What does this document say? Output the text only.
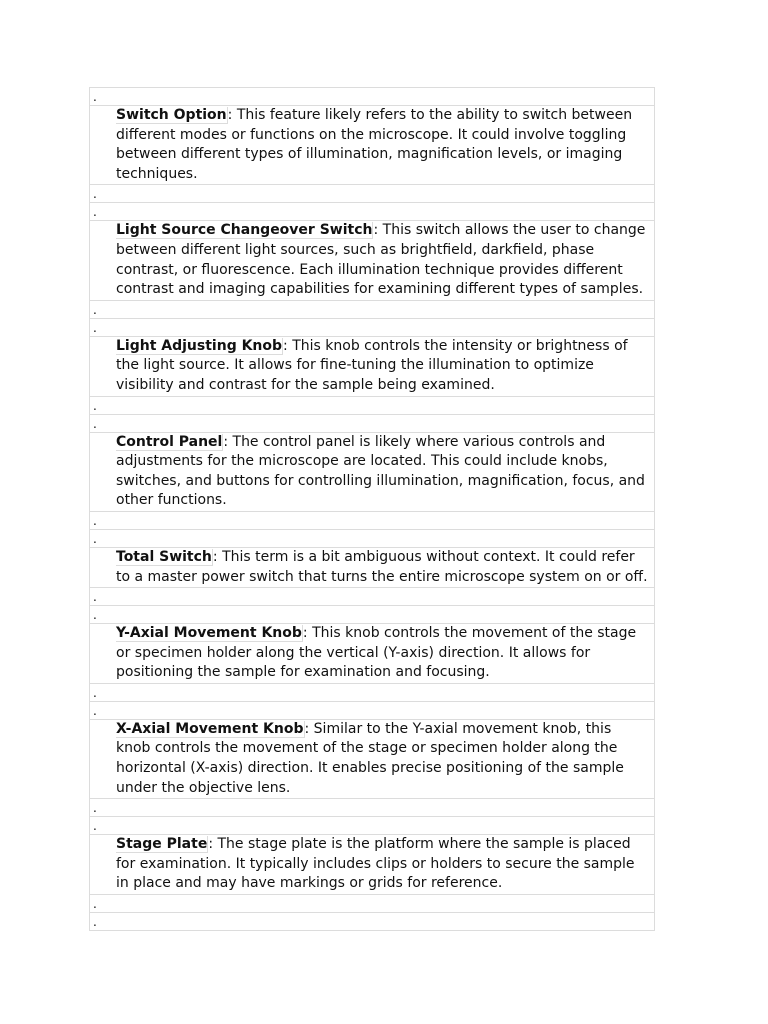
.
Switch Option: This feature likely refers to the ability to switch between different modes or functions on the microscope. It could involve toggling between different types of illumination, magnification levels, or imaging techniques.
.
.
Light Source Changeover Switch: This switch allows the user to change between different light sources, such as brightfield, darkfield, phase contrast, or fluorescence. Each illumination technique provides different contrast and imaging capabilities for examining different types of samples.
.
.
Light Adjusting Knob: This knob controls the intensity or brightness of the light source. It allows for fine-tuning the illumination to optimize visibility and contrast for the sample being examined.
.
.
Control Panel: The control panel is likely where various controls and adjustments for the microscope are located. This could include knobs, switches, and buttons for controlling illumination, magnification, focus, and other functions.
.
.
Total Switch: This term is a bit ambiguous without context. It could refer to a master power switch that turns the entire microscope system on or off.
.
.
Y-Axial Movement Knob: This knob controls the movement of the stage or specimen holder along the vertical (Y-axis) direction. It allows for positioning the sample for examination and focusing.
.
.
X-Axial Movement Knob: Similar to the Y-axial movement knob, this knob controls the movement of the stage or specimen holder along the horizontal (X-axis) direction. It enables precise positioning of the sample under the objective lens.
.
.
Stage Plate: The stage plate is the platform where the sample is placed for examination. It typically includes clips or holders to secure the sample in place and may have markings or grids for reference.
.
.
